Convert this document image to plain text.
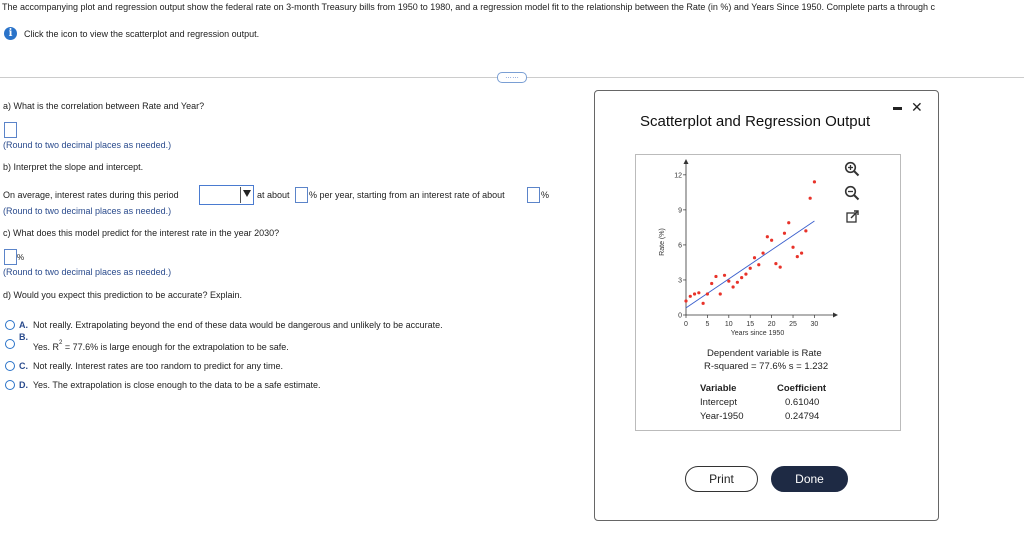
The accompanying plot and regression output show the federal rate on 3-month Treasury bills from 1950 to 1980, and a regression model fit to the relationship between the Rate (in %) and Years Since 1950. Complete parts a through c
i	Click the icon to view the scatterplot and regression output.
……
a) What is the correlation between Rate and Year?
(Round to two decimal places as needed.)
b) Interpret the slope and intercept.
On average, interest rates during this period	at about % per year, starting from an interest rate of about	%
(Round to two decimal places as needed.)
c) What does this model predict for the interest rate in the year 2030?
%
(Round to two decimal places as needed.)
d) Would you expect this prediction to be accurate? Explain.
A. Not really. Extrapolating beyond the end of these data would be dangerous and unlikely to be accurate.
B.  Yes. $R^2 = 77.6\%$ is large enough for the extrapolation to be safe.
C. Not really. Interest rates are too random to predict for any time.
D. Yes. The extrapolation is close enough to the data to be a safe estimate.
✕
Scatterplot and Regression Output
0	5 10 15 20 25 30
0
3
6
9
12
Years since 1950
Rate (%)
Dependent variable is Rate
R-squared = 77.6% s = 1.232
Variable	Coefficient
Intercept	0.61040
Year-1950	0.24794
Print	Done
